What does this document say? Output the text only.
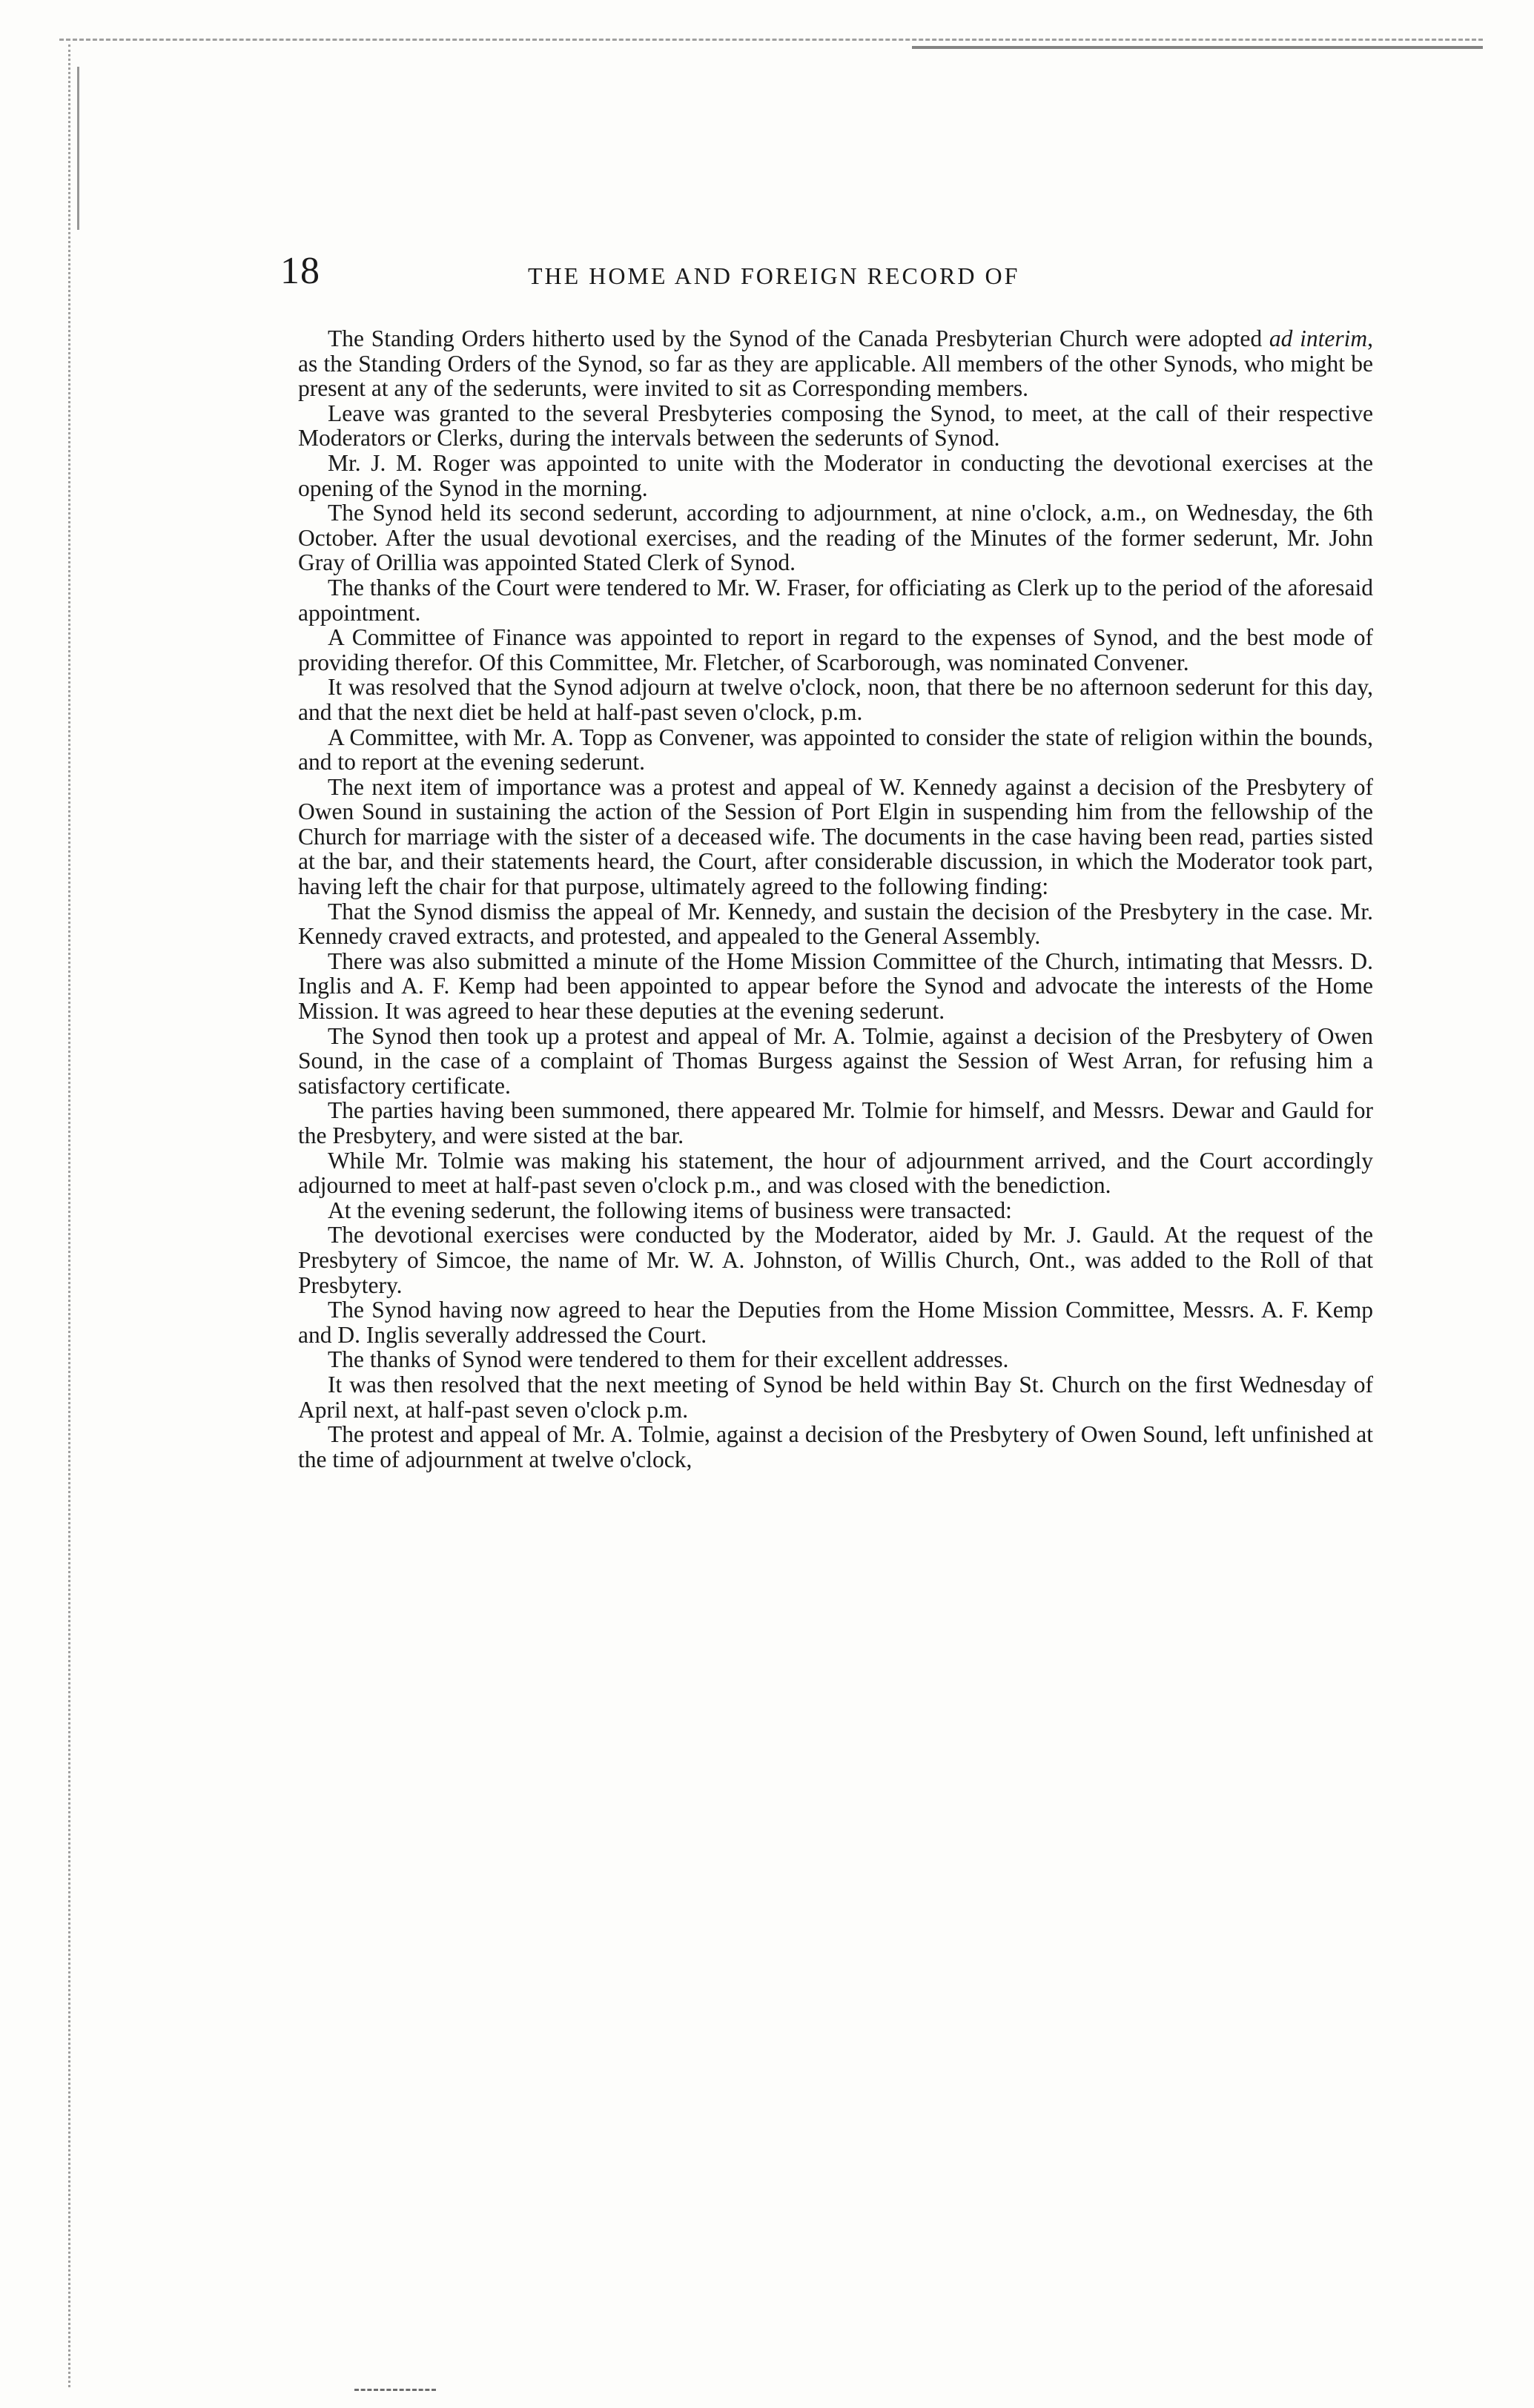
18	THE HOME AND FOREIGN RECORD OF

The Standing Orders hitherto used by the Synod of the Canada Presbyterian Church were adopted ad interim, as the Standing Orders of the Synod, so far as they are applicable. All members of the other Synods, who might be present at any of the sederunts, were invited to sit as Corresponding members.

Leave was granted to the several Presbyteries composing the Synod, to meet, at the call of their respective Moderators or Clerks, during the intervals between the sederunts of Synod.

Mr. J. M. Roger was appointed to unite with the Moderator in conducting the devotional exercises at the opening of the Synod in the morning.

The Synod held its second sederunt, according to adjournment, at nine o'clock, a.m., on Wednesday, the 6th October. After the usual devotional exercises, and the reading of the Minutes of the former sederunt, Mr. John Gray of Orillia was appointed Stated Clerk of Synod.

The thanks of the Court were tendered to Mr. W. Fraser, for officiating as Clerk up to the period of the aforesaid appointment.

A Committee of Finance was appointed to report in regard to the expenses of Synod, and the best mode of providing therefor. Of this Committee, Mr. Fletcher, of Scarborough, was nominated Convener.

It was resolved that the Synod adjourn at twelve o'clock, noon, that there be no afternoon sederunt for this day, and that the next diet be held at half-past seven o'clock, p.m.

A Committee, with Mr. A. Topp as Convener, was appointed to consider the state of religion within the bounds, and to report at the evening sederunt.

The next item of importance was a protest and appeal of W. Kennedy against a decision of the Presbytery of Owen Sound in sustaining the action of the Session of Port Elgin in suspending him from the fellowship of the Church for marriage with the sister of a deceased wife. The documents in the case having been read, parties sisted at the bar, and their statements heard, the Court, after considerable discussion, in which the Moderator took part, having left the chair for that purpose, ultimately agreed to the following finding:

That the Synod dismiss the appeal of Mr. Kennedy, and sustain the decision of the Presbytery in the case. Mr. Kennedy craved extracts, and protested, and appealed to the General Assembly.

There was also submitted a minute of the Home Mission Committee of the Church, intimating that Messrs. D. Inglis and A. F. Kemp had been appointed to appear before the Synod and advocate the interests of the Home Mission. It was agreed to hear these deputies at the evening sederunt.

The Synod then took up a protest and appeal of Mr. A. Tolmie, against a decision of the Presbytery of Owen Sound, in the case of a complaint of Thomas Burgess against the Session of West Arran, for refusing him a satisfactory certificate.

The parties having been summoned, there appeared Mr. Tolmie for himself, and Messrs. Dewar and Gauld for the Presbytery, and were sisted at the bar.

While Mr. Tolmie was making his statement, the hour of adjournment arrived, and the Court accordingly adjourned to meet at half-past seven o'clock p.m., and was closed with the benediction.

At the evening sederunt, the following items of business were transacted:

The devotional exercises were conducted by the Moderator, aided by Mr. J. Gauld. At the request of the Presbytery of Simcoe, the name of Mr. W. A. Johnston, of Willis Church, Ont., was added to the Roll of that Presbytery.

The Synod having now agreed to hear the Deputies from the Home Mission Committee, Messrs. A. F. Kemp and D. Inglis severally addressed the Court.

The thanks of Synod were tendered to them for their excellent addresses.

It was then resolved that the next meeting of Synod be held within Bay St. Church on the first Wednesday of April next, at half-past seven o'clock p.m.

The protest and appeal of Mr. A. Tolmie, against a decision of the Presbytery of Owen Sound, left unfinished at the time of adjournment at twelve o'clock,
